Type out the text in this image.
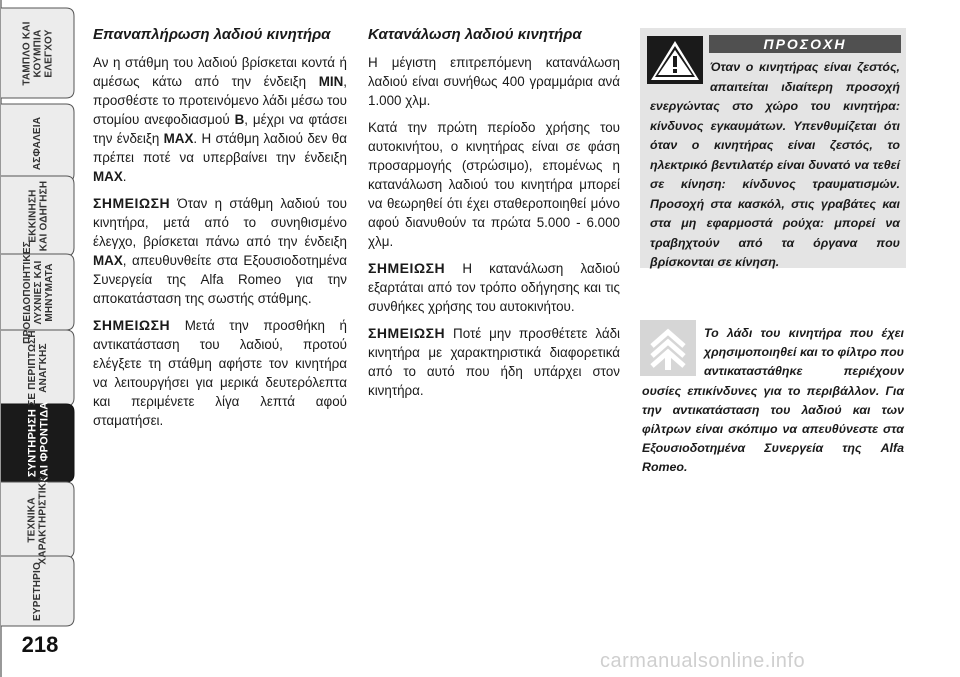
ΤΑΜΠΛΟ ΚΑΙ
ΚΟΥΜΠΙΑ
ΕΛΕΓΧΟΥ
ΑΣΦΑΛΕΙΑ
ΕΚΚΙΝΗΣΗ
ΚΑΙ ΟΔΗΓΗΣΗ
ΠΡΟΕΙΔΟΠΟΙΗΤΙΚΕΣ
ΛΥΧΝΙΕΣ ΚΑΙ
ΜΗΝΥΜΑΤΑ
ΣΕ ΠΕΡΙΠΤΩΣΗ
ΑΝΑΓΚΗΣ
ΣΥΝΤΗΡΗΣΗ
ΚΑΙ ΦΡΟΝΤΙΔΑ
ΤΕΧΝΙΚΑ
ΧΑΡΑΚΤΗΡΙΣΤΙΚΑ
ΕΥΡΕΤΗΡΙΟ
218
Επαναπλήρωση λαδιού κινητήρα

Αν η στάθμη του λαδιού βρίσκεται κοντά ή αμέσως κάτω από την ένδειξη MIN, προσθέστε το προτεινόμενο λάδι μέσω του στομίου ανεφοδιασμού B, μέχρι να φτάσει την ένδειξη MAX. Η στάθμη λαδιού δεν θα πρέπει ποτέ να υπερβαίνει την ένδειξη MAX.

ΣΗΜΕΙΩΣΗ Όταν η στάθμη λαδιού του κινητήρα, μετά από το συνηθισμένο έλεγχο, βρίσκεται πάνω από την ένδειξη MAX, απευθυνθείτε στα Εξουσιοδοτημένα Συνεργεία της Alfa Romeo για την αποκατάσταση της σωστής στάθμης.

ΣΗΜΕΙΩΣΗ Μετά την προσθήκη ή αντικατάσταση του λαδιού, προτού ελέγξετε τη στάθμη αφήστε τον κινητήρα να λειτουργήσει για μερικά δευτερόλεπτα και περιμένετε λίγα λεπτά αφού σταματήσει.

Κατανάλωση λαδιού κινητήρα

Η μέγιστη επιτρεπόμενη κατανάλωση λαδιού είναι συνήθως 400 γραμμάρια ανά 1.000 χλμ.

Κατά την πρώτη περίοδο χρήσης του αυτοκινήτου, ο κινητήρας είναι σε φάση προσαρμογής (στρώσιμο), επομένως η κατανάλωση λαδιού του κινητήρα μπορεί να θεωρηθεί ότι έχει σταθεροποιηθεί μόνο αφού διανυθούν τα πρώτα 5.000 - 6.000 χλμ.

ΣΗΜΕΙΩΣΗ Η κατανάλωση λαδιού εξαρτάται από τον τρόπο οδήγησης και τις συνθήκες χρήσης του αυτοκινήτου.

ΣΗΜΕΙΩΣΗ Ποτέ μην προσθέτετε λάδι κινητήρα με χαρακτηριστικά διαφορετικά από το αυτό που ήδη υπάρχει στον κινητήρα.

ΠΡΟΣΟΧΗ
Όταν ο κινητήρας είναι ζεστός, απαιτείται ιδιαίτερη προσοχή ενεργώντας στο χώρο του κινητήρα: κίνδυνος εγκαυμάτων. Υπενθυμίζεται ότι όταν ο κινητήρας είναι ζεστός, το ηλεκτρικό βεντιλατέρ είναι δυνατό να τεθεί σε κίνηση: κίνδυνος τραυματισμών. Προσοχή στα κασκόλ, στις γραβάτες και στα μη εφαρμοστά ρούχα: μπορεί να τραβηχτούν από τα όργανα που βρίσκονται σε κίνηση.
Το λάδι του κινητήρα που έχει χρησιμοποιηθεί και το φίλτρο που αντικαταστάθηκε περιέχουν ουσίες επικίνδυνες για το περιβάλλον. Για την αντικατάσταση του λαδιού και των φίλτρων είναι σκόπιμο να απευθύνεστε στα Εξουσιοδοτημένα Συνεργεία της Alfa Romeo.
carmanualsonline.info
